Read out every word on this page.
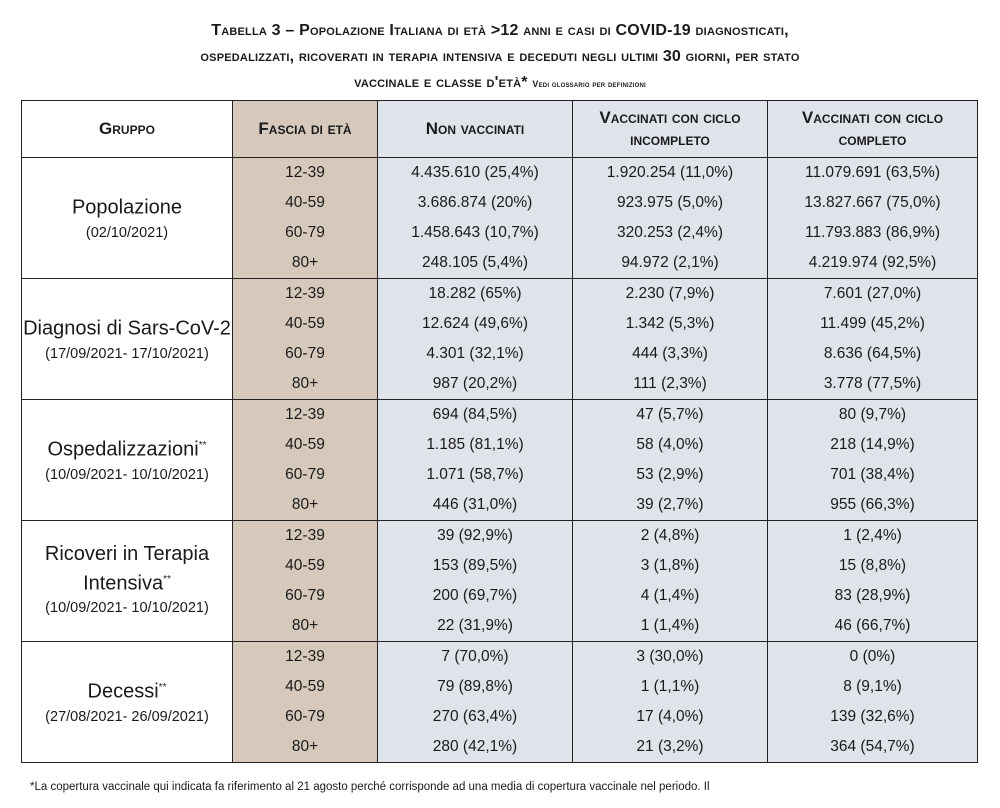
Tabella 3 – Popolazione Italiana di età >12 anni e casi di COVID-19 diagnosticati,
ospedalizzati, ricoverati in terapia intensiva e deceduti negli ultimi 30 giorni, per stato
vaccinale e classe d'età* Vedi glossario per definizioni
Gruppo	Fascia di età	Non vaccinati	Vaccinati con ciclo incompleto	Vaccinati con ciclo completo

Popolazione
(02/10/2021)	12-39	4.435.610 (25,4%)	1.920.254 (11,0%)	11.079.691 (63,5%)
	40-59	3.686.874 (20%)	923.975 (5,0%)	13.827.667 (75,0%)
	60-79	1.458.643 (10,7%)	320.253 (2,4%)	11.793.883 (86,9%)
	80+	248.105 (5,4%)	94.972 (2,1%)	4.219.974 (92,5%)

Diagnosi di Sars-CoV-2
(17/09/2021- 17/10/2021)	12-39	18.282 (65%)	2.230 (7,9%)	7.601 (27,0%)
	40-59	12.624 (49,6%)	1.342 (5,3%)	11.499 (45,2%)
	60-79	4.301 (32,1%)	444 (3,3%)	8.636 (64,5%)
	80+	987 (20,2%)	111 (2,3%)	3.778 (77,5%)

Ospedalizzazioni**
(10/09/2021- 10/10/2021)	12-39	694 (84,5%)	47 (5,7%)	80 (9,7%)
	40-59	1.185 (81,1%)	58 (4,0%)	218 (14,9%)
	60-79	1.071 (58,7%)	53 (2,9%)	701 (38,4%)
	80+	446 (31,0%)	39 (2,7%)	955 (66,3%)

Ricoveri in Terapia Intensiva**
(10/09/2021- 10/10/2021)	12-39	39 (92,9%)	2 (4,8%)	1 (2,4%)
	40-59	153 (89,5%)	3 (1,8%)	15 (8,8%)
	60-79	200 (69,7%)	4 (1,4%)	83 (28,9%)
	80+	22 (31,9%)	1 (1,4%)	46 (66,7%)

Decessi**
(27/08/2021- 26/09/2021)	12-39	7 (70,0%)	3 (30,0%)	0 (0%)
	40-59	79 (89,8%)	1 (1,1%)	8 (9,1%)
	60-79	270 (63,4%)	17 (4,0%)	139 (32,6%)
	80+	280 (42,1%)	21 (3,2%)	364 (54,7%)
*La copertura vaccinale qui indicata fa riferimento al 21 agosto perché corrisponde ad una media di copertura vaccinale nel periodo. Il
